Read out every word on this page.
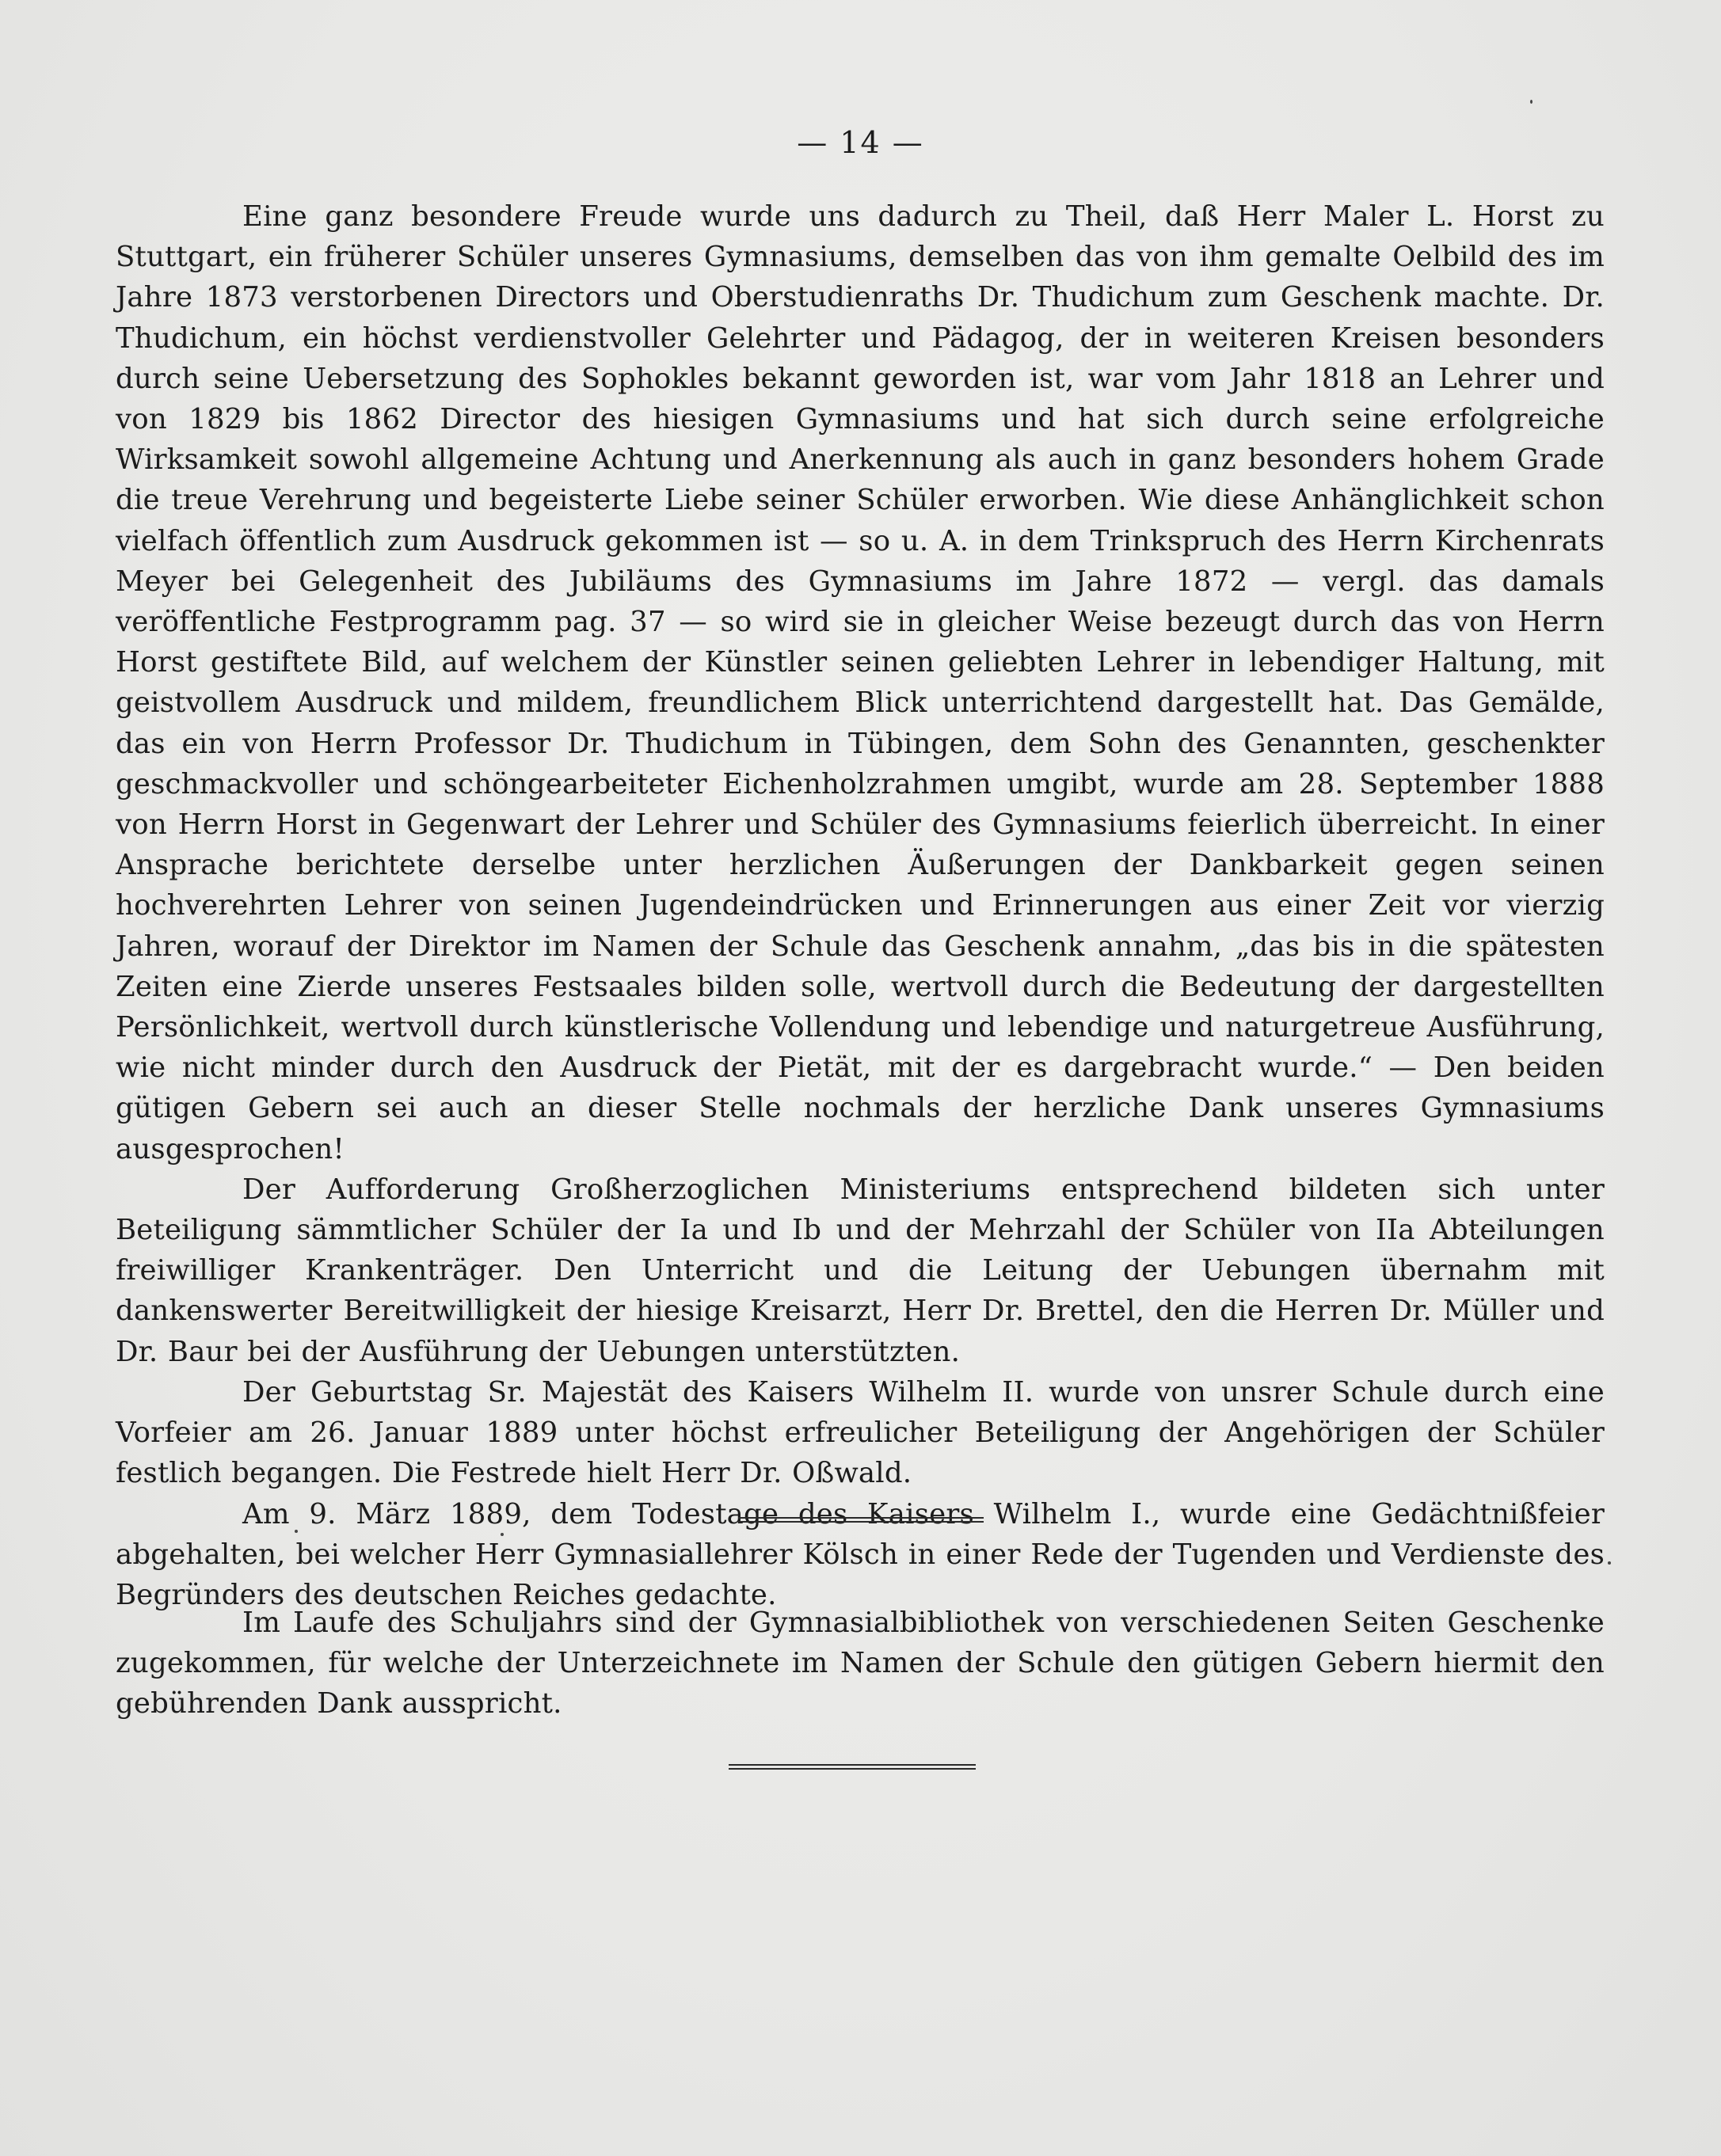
— 14 —

Eine ganz besondere Freude wurde uns dadurch zu Theil, daß Herr Maler L. Horst zu Stuttgart, ein früherer Schüler unseres Gymnasiums, demselben das von ihm gemalte Oelbild des im Jahre 1873 verstorbenen Directors und Oberstudienraths Dr. Thudichum zum Geschenk machte. Dr. Thudichum, ein höchst verdienstvoller Gelehrter und Pädagog, der in weiteren Kreisen besonders durch seine Uebersetzung des Sophokles bekannt geworden ist, war vom Jahr 1818 an Lehrer und von 1829 bis 1862 Director des hiesigen Gymnasiums und hat sich durch seine erfolgreiche Wirksamkeit sowohl allgemeine Achtung und Anerkennung als auch in ganz besonders hohem Grade die treue Verehrung und begeisterte Liebe seiner Schüler erworben. Wie diese Anhänglichkeit schon vielfach öffentlich zum Ausdruck gekommen ist — so u. A. in dem Trinkspruch des Herrn Kirchenrats Meyer bei Gelegenheit des Jubiläums des Gymnasiums im Jahre 1872 — vergl. das damals veröffentliche Festprogramm pag. 37 — so wird sie in gleicher Weise bezeugt durch das von Herrn Horst gestiftete Bild, auf welchem der Künstler seinen geliebten Lehrer in lebendiger Haltung, mit geistvollem Ausdruck und mildem, freundlichem Blick unterrichtend dargestellt hat. Das Gemälde, das ein von Herrn Professor Dr. Thudichum in Tübingen, dem Sohn des Genannten, geschenkter geschmackvoller und schöngearbeiteter Eichenholzrahmen umgibt, wurde am 28. September 1888 von Herrn Horst in Gegenwart der Lehrer und Schüler des Gymnasiums feierlich überreicht. In einer Ansprache berichtete derselbe unter herzlichen Äußerungen der Dankbarkeit gegen seinen hochverehrten Lehrer von seinen Jugendeindrücken und Erinnerungen aus einer Zeit vor vierzig Jahren, worauf der Direktor im Namen der Schule das Geschenk annahm, „das bis in die spätesten Zeiten eine Zierde unseres Festsaales bilden solle, wertvoll durch die Bedeutung der dargestellten Persönlichkeit, wertvoll durch künstlerische Vollendung und lebendige und naturgetreue Ausführung, wie nicht minder durch den Ausdruck der Pietät, mit der es dargebracht wurde.“ — Den beiden gütigen Gebern sei auch an dieser Stelle nochmals der herzliche Dank unseres Gymnasiums ausgesprochen!

Der Aufforderung Großherzoglichen Ministeriums entsprechend bildeten sich unter Beteiligung sämmtlicher Schüler der Ia und Ib und der Mehrzahl der Schüler von IIa Abteilungen freiwilliger Krankenträger. Den Unterricht und die Leitung der Uebungen übernahm mit dankenswerter Bereitwilligkeit der hiesige Kreisarzt, Herr Dr. Brettel, den die Herren Dr. Müller und Dr. Baur bei der Ausführung der Uebungen unterstützten.

Der Geburtstag Sr. Majestät des Kaisers Wilhelm II. wurde von unsrer Schule durch eine Vorfeier am 26. Januar 1889 unter höchst erfreulicher Beteiligung der Angehörigen der Schüler festlich begangen. Die Festrede hielt Herr Dr. Oßwald.

Am 9. März 1889, dem Todestage des Kaisers Wilhelm I., wurde eine Gedächtnißfeier abgehalten, bei welcher Herr Gymnasiallehrer Kölsch in einer Rede der Tugenden und Verdienste des Begründers des deutschen Reiches gedachte.

Im Laufe des Schuljahrs sind der Gymnasialbibliothek von verschiedenen Seiten Geschenke zugekommen, für welche der Unterzeichnete im Namen der Schule den gütigen Gebern hiermit den gebührenden Dank ausspricht.
